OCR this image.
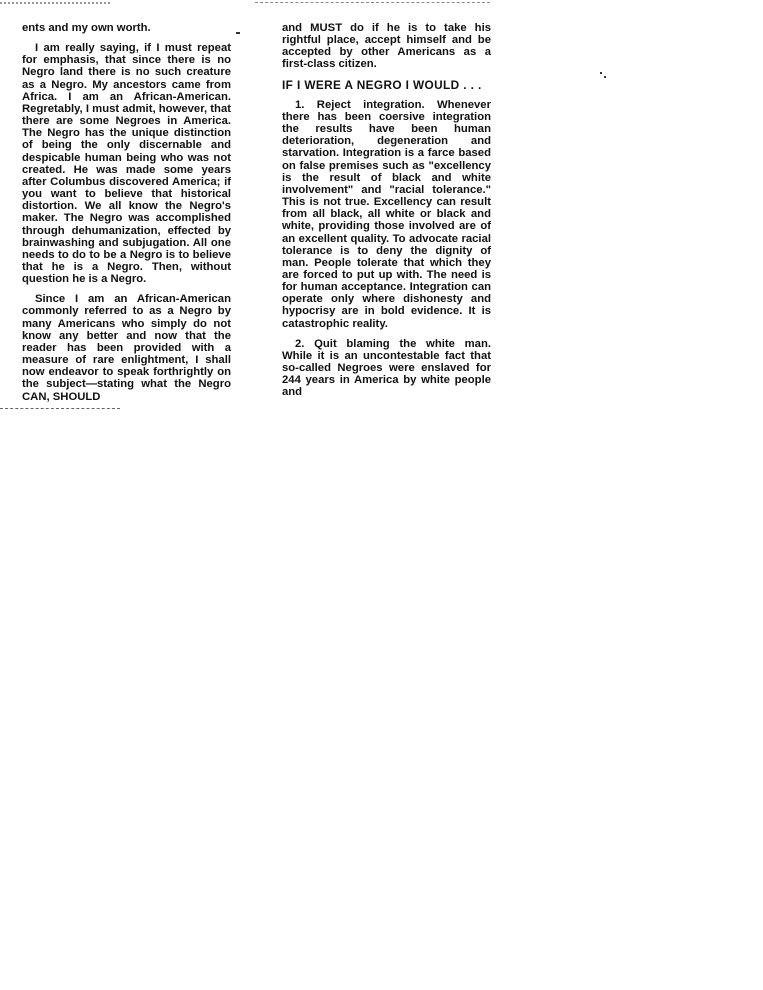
ents and my own worth.

I am really saying, if I must repeat for emphasis, that since there is no Negro land there is no such creature as a Negro. My ancestors came from Africa. I am an African-American. Regretably, I must admit, however, that there are some Negroes in America. The Negro has the unique distinction of being the only discernable and despicable human being who was not created. He was made some years after Columbus discovered America; if you want to believe that historical distortion. We all know the Negro's maker. The Negro was accomplished through dehumanization, effected by brainwashing and subjugation. All one needs to do to be a Negro is to believe that he is a Negro. Then, without question he is a Negro.

Since I am an African-American commonly referred to as a Negro by many Americans who simply do not know any better and now that the reader has been provided with a measure of rare enlightment, I shall now endeavor to speak forthrightly on the subject—stating what the Negro CAN, SHOULD

and MUST do if he is to take his rightful place, accept himself and be accepted by other Americans as a first-class citizen.

IF I WERE A NEGRO I WOULD . . .

1. Reject integration. Whenever there has been coersive integration the results have been human deterioration, degeneration and starvation. Integration is a farce based on false premises such as "excellency is the result of black and white involvement" and "racial tolerance." This is not true. Excellency can result from all black, all white or black and white, providing those involved are of an excellent quality. To advocate racial tolerance is to deny the dignity of man. People tolerate that which they are forced to put up with. The need is for human acceptance. Integration can operate only where dishonesty and hypocrisy are in bold evidence. It is catastrophic reality.

2. Quit blaming the white man. While it is an uncontestable fact that so-called Negroes were enslaved for 244 years in America by white people and
